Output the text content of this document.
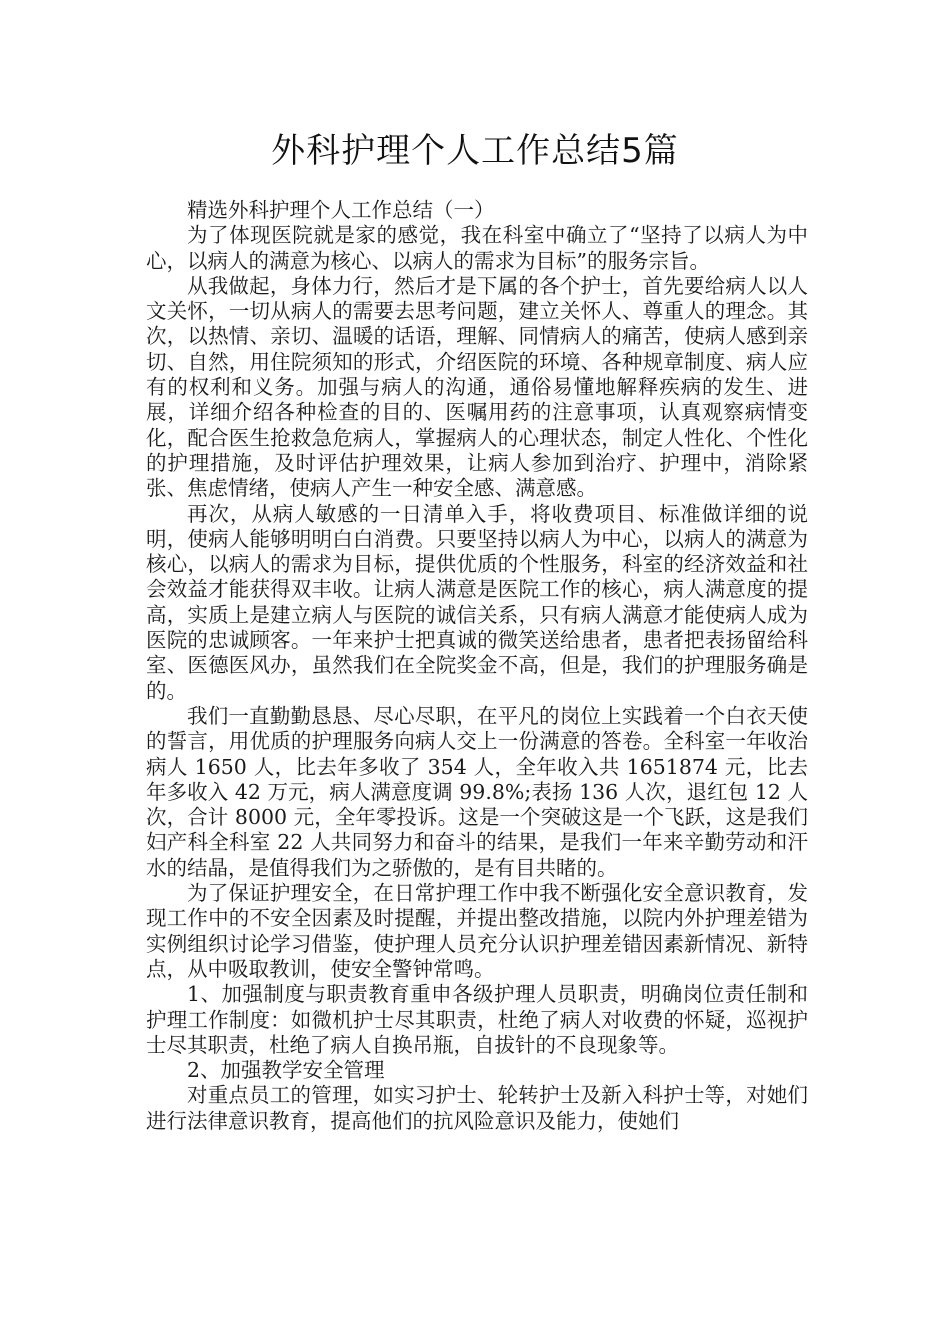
外科护理个人工作总结5篇

精选外科护理个人工作总结（一）

为了体现医院就是家的感觉，我在科室中确立了“坚持了以病人为中心，以病人的满意为核心、以病人的需求为目标”的服务宗旨。

从我做起，身体力行，然后才是下属的各个护士，首先要给病人以人文关怀，一切从病人的需要去思考问题，建立关怀人、尊重人的理念。其次，以热情、亲切、温暖的话语，理解、同情病人的痛苦，使病人感到亲切、自然，用住院须知的形式，介绍医院的环境、各种规章制度、病人应有的权利和义务。加强与病人的沟通，通俗易懂地解释疾病的发生、进展，详细介绍各种检查的目的、医嘱用药的注意事项，认真观察病情变化，配合医生抢救急危病人，掌握病人的心理状态，制定人性化、个性化的护理措施，及时评估护理效果，让病人参加到治疗、护理中，消除紧张、焦虑情绪，使病人产生一种安全感、满意感。

再次，从病人敏感的一日清单入手，将收费项目、标准做详细的说明，使病人能够明明白白消费。只要坚持以病人为中心，以病人的满意为核心，以病人的需求为目标，提供优质的个性服务，科室的经济效益和社会效益才能获得双丰收。让病人满意是医院工作的核心，病人满意度的提高，实质上是建立病人与医院的诚信关系，只有病人满意才能使病人成为医院的忠诚顾客。一年来护士把真诚的微笑送给患者，患者把表扬留给科室、医德医风办，虽然我们在全院奖金不高，但是，我们的护理服务确是的。

我们一直勤勤恳恳、尽心尽职，在平凡的岗位上实践着一个白衣天使的誓言，用优质的护理服务向病人交上一份满意的答卷。全科室一年收治病人 1650 人，比去年多收了 354 人，全年收入共 1651874 元，比去年多收入 42 万元，病人满意度调 99.8%;表扬 136 人次，退红包 12 人次，合计 8000 元，全年零投诉。这是一个突破这是一个飞跃，这是我们妇产科全科室 22 人共同努力和奋斗的结果，是我们一年来辛勤劳动和汗水的结晶，是值得我们为之骄傲的，是有目共睹的。

为了保证护理安全，在日常护理工作中我不断强化安全意识教育，发现工作中的不安全因素及时提醒，并提出整改措施，以院内外护理差错为实例组织讨论学习借鉴，使护理人员充分认识护理差错因素新情况、新特点，从中吸取教训，使安全警钟常鸣。

1、加强制度与职责教育重申各级护理人员职责，明确岗位责任制和护理工作制度：如微机护士尽其职责，杜绝了病人对收费的怀疑，巡视护士尽其职责，杜绝了病人自换吊瓶，自拔针的不良现象等。

2、加强教学安全管理

对重点员工的管理，如实习护士、轮转护士及新入科护士等，对她们进行法律意识教育，提高他们的抗风险意识及能力，使她们
